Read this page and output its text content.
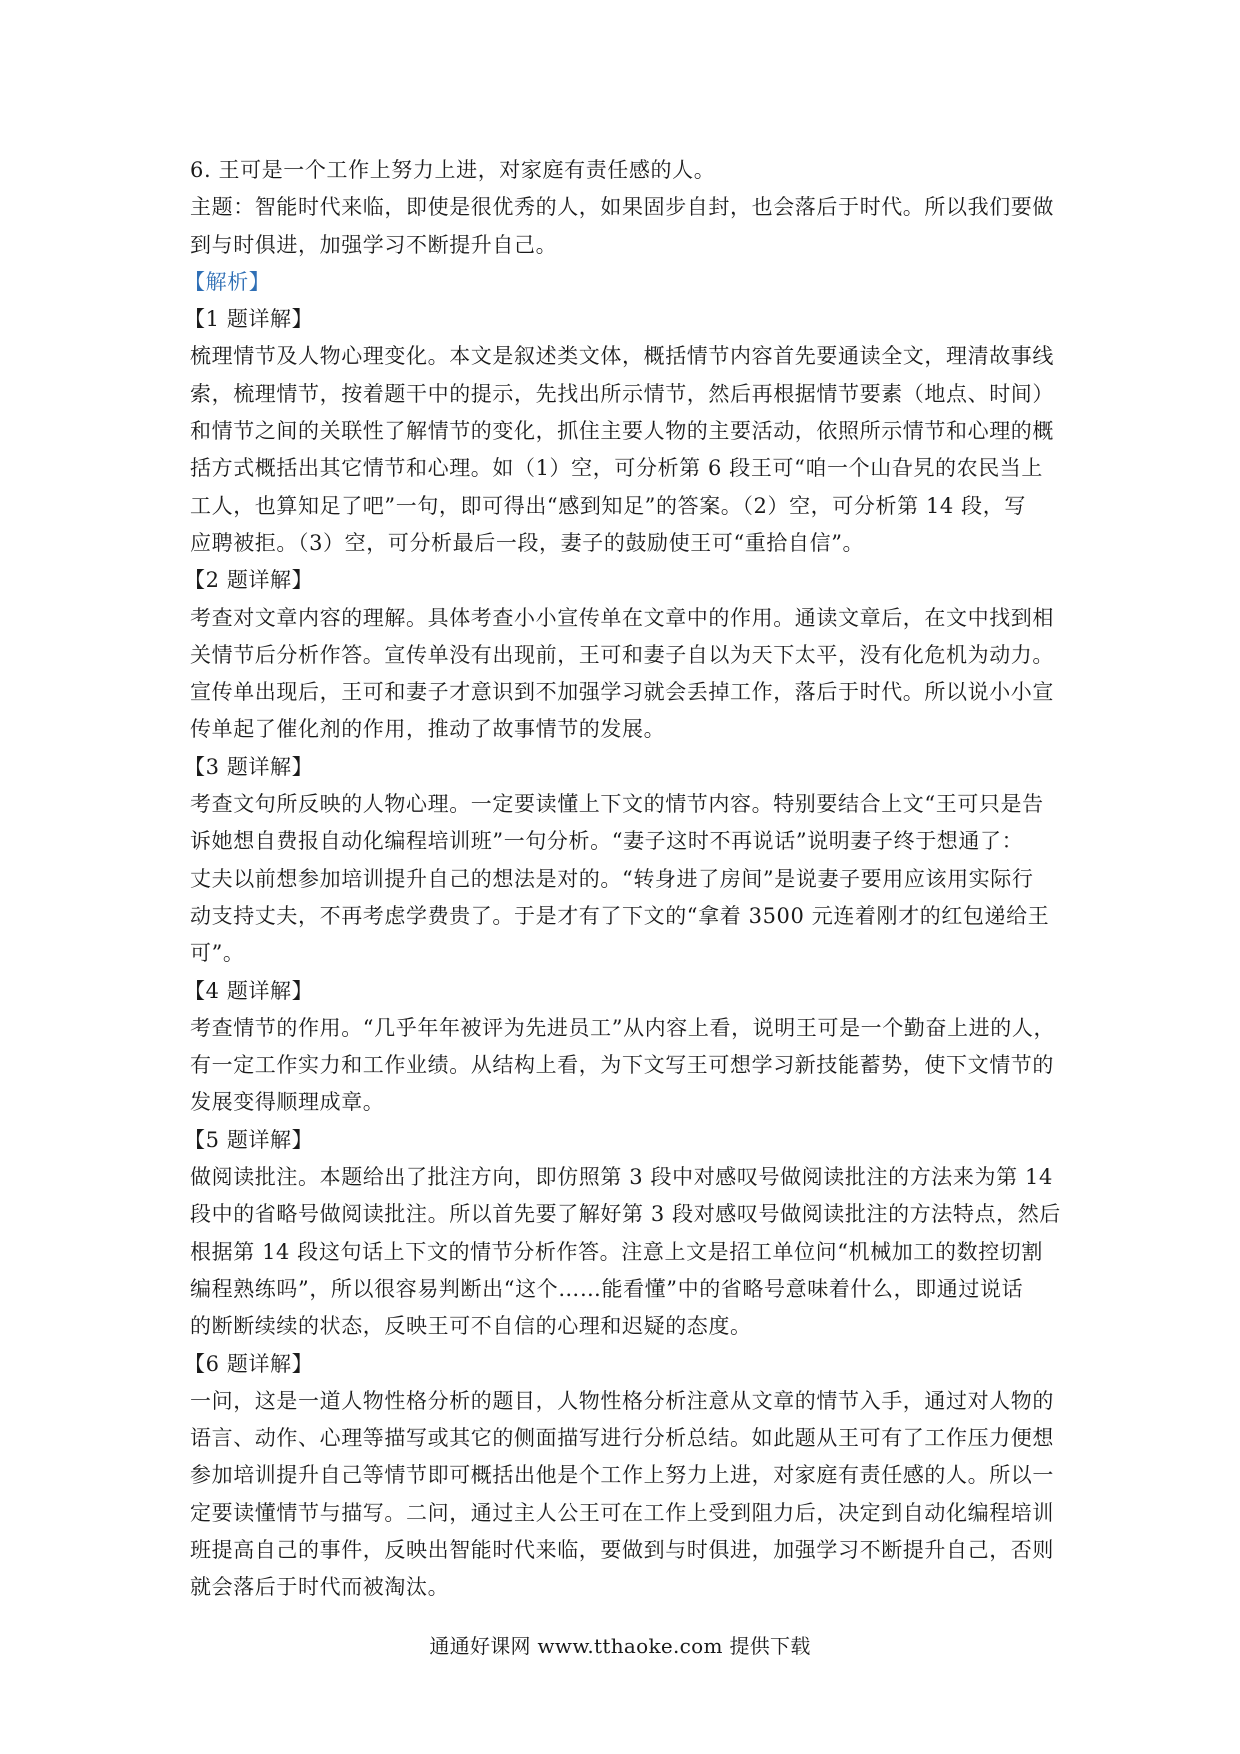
6. 王可是一个工作上努力上进，对家庭有责任感的人。
主题：智能时代来临，即使是很优秀的人，如果固步自封，也会落后于时代。所以我们要做
到与时俱进，加强学习不断提升自己。
【解析】
【1 题详解】
梳理情节及人物心理变化。本文是叙述类文体，概括情节内容首先要通读全文，理清故事线
索，梳理情节，按着题干中的提示，先找出所示情节，然后再根据情节要素（地点、时间）
和情节之间的关联性了解情节的变化，抓住主要人物的主要活动，依照所示情节和心理的概
括方式概括出其它情节和心理。如（1）空，可分析第 6 段王可“咱一个山旮旯的农民当上
工人，也算知足了吧”一句，即可得出“感到知足”的答案。（2）空，可分析第 14 段，写
应聘被拒。（3）空，可分析最后一段，妻子的鼓励使王可“重拾自信”。
【2 题详解】
考查对文章内容的理解。具体考查小小宣传单在文章中的作用。通读文章后，在文中找到相
关情节后分析作答。宣传单没有出现前，王可和妻子自以为天下太平，没有化危机为动力。
宣传单出现后，王可和妻子才意识到不加强学习就会丢掉工作，落后于时代。所以说小小宣
传单起了催化剂的作用，推动了故事情节的发展。
【3 题详解】
考查文句所反映的人物心理。一定要读懂上下文的情节内容。特别要结合上文“王可只是告
诉她想自费报自动化编程培训班”一句分析。“妻子这时不再说话”说明妻子终于想通了：
丈夫以前想参加培训提升自己的想法是对的。“转身进了房间”是说妻子要用应该用实际行
动支持丈夫，不再考虑学费贵了。于是才有了下文的“拿着 3500 元连着刚才的红包递给王
可”。
【4 题详解】
考查情节的作用。“几乎年年被评为先进员工”从内容上看，说明王可是一个勤奋上进的人，
有一定工作实力和工作业绩。从结构上看，为下文写王可想学习新技能蓄势，使下文情节的
发展变得顺理成章。
【5 题详解】
做阅读批注。本题给出了批注方向，即仿照第 3 段中对感叹号做阅读批注的方法来为第 14
段中的省略号做阅读批注。所以首先要了解好第 3 段对感叹号做阅读批注的方法特点，然后
根据第 14 段这句话上下文的情节分析作答。注意上文是招工单位问“机械加工的数控切割
编程熟练吗”，所以很容易判断出“这个……能看懂”中的省略号意味着什么，即通过说话
的断断续续的状态，反映王可不自信的心理和迟疑的态度。
【6 题详解】
一问，这是一道人物性格分析的题目，人物性格分析注意从文章的情节入手，通过对人物的
语言、动作、心理等描写或其它的侧面描写进行分析总结。如此题从王可有了工作压力便想
参加培训提升自己等情节即可概括出他是个工作上努力上进，对家庭有责任感的人。所以一
定要读懂情节与描写。二问，通过主人公王可在工作上受到阻力后，决定到自动化编程培训
班提高自己的事件，反映出智能时代来临，要做到与时俱进，加强学习不断提升自己，否则
就会落后于时代而被淘汰。
通通好课网 www.tthaoke.com 提供下载
